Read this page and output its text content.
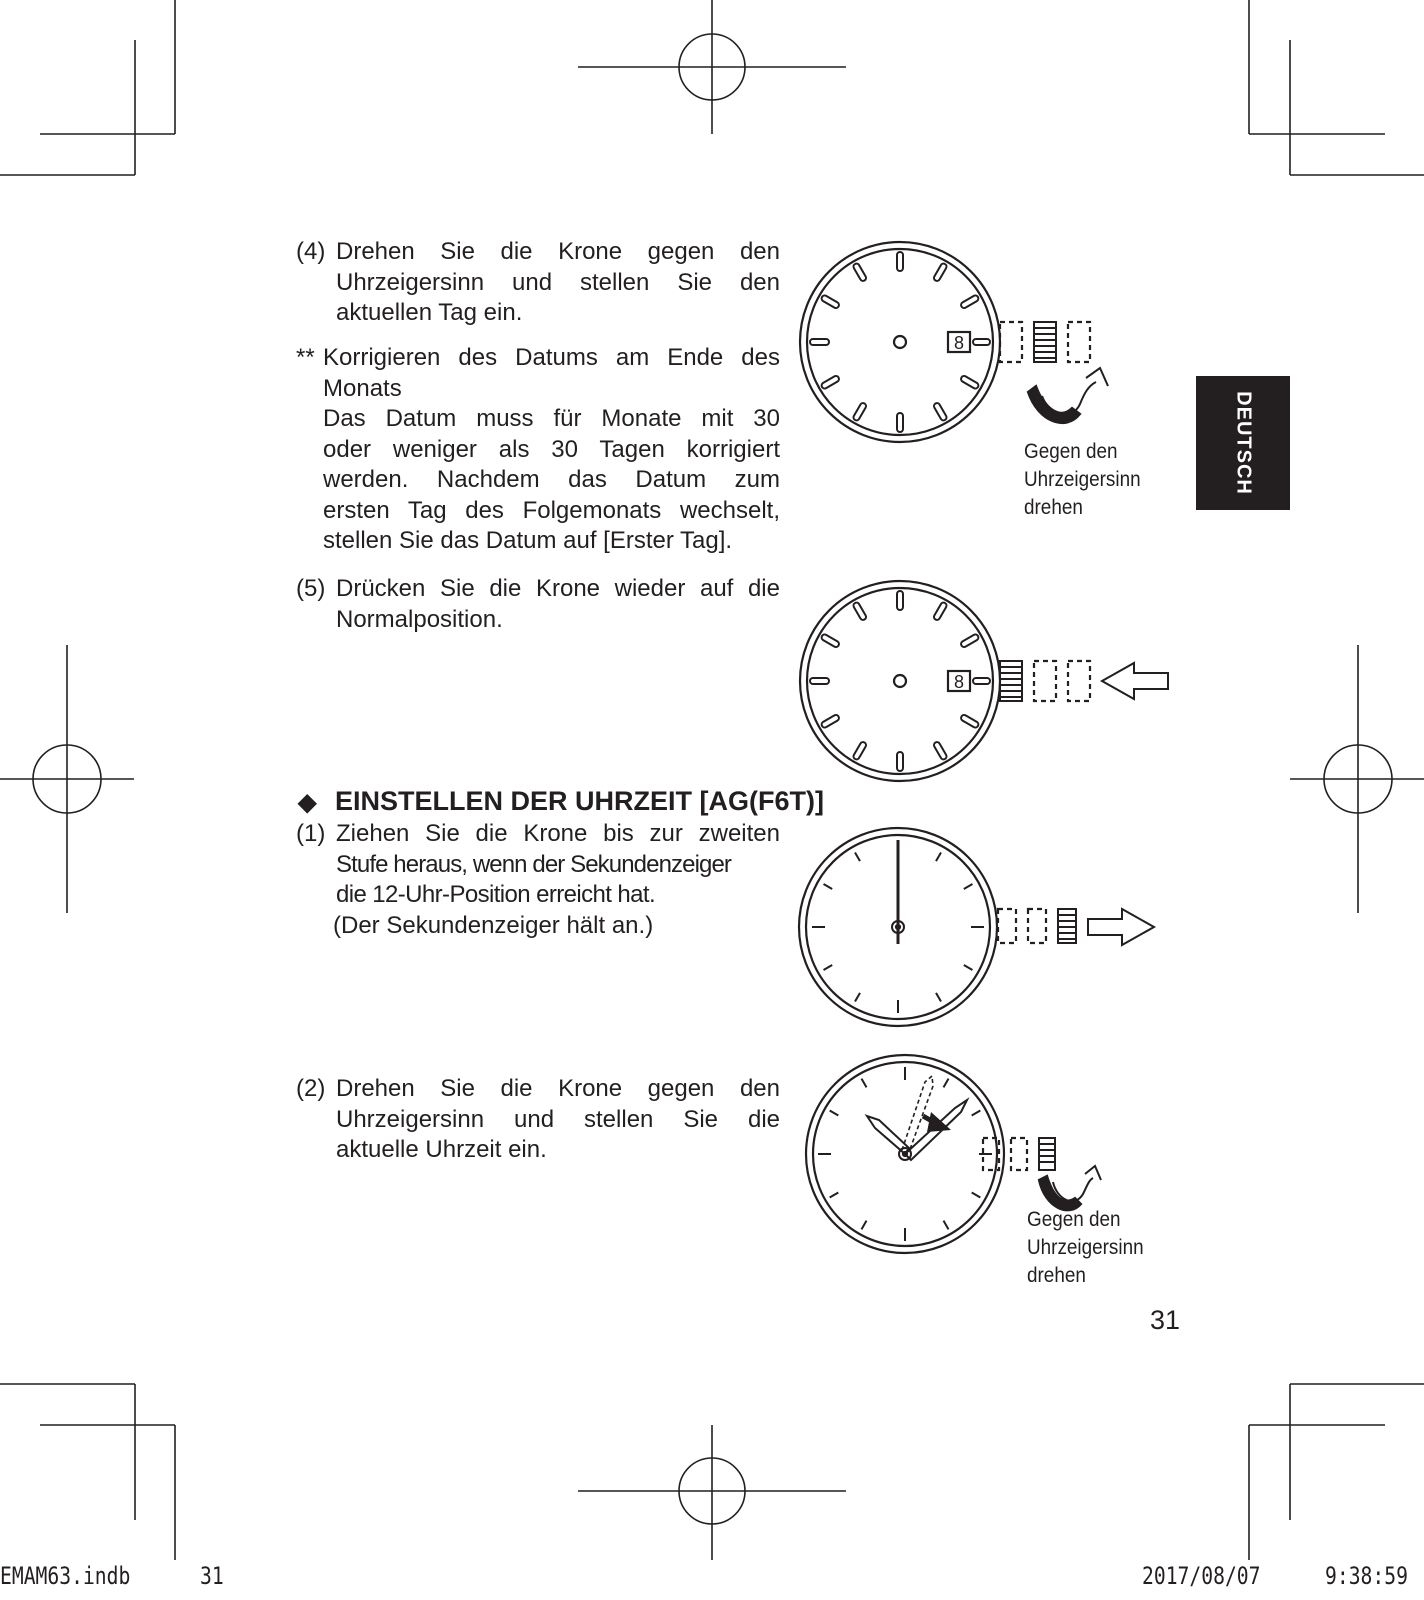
(4) Drehen Sie die Krone gegen den
Uhrzeigersinn und stellen Sie den
aktuellen Tag ein.
** Korrigieren des Datums am Ende des
Monats
Das Datum muss für Monate mit 30
oder weniger als 30 Tagen korrigiert
werden. Nachdem das Datum zum
ersten Tag des Folgemonats wechselt,
stellen Sie das Datum auf [Erster Tag].
(5) Drücken Sie die Krone wieder auf die
Normalposition.
◆ EINSTELLEN DER UHRZEIT [AG(F6T)]
(1) Ziehen Sie die Krone bis zur zweiten
Stufe heraus, wenn der Sekundenzeiger
die 12-Uhr-Position erreicht hat.
(Der Sekundenzeiger hält an.)
(2) Drehen Sie die Krone gegen den
Uhrzeigersinn und stellen Sie die
aktuelle Uhrzeit ein.
8
Gegen den
Uhrzeigersinn
drehen
8
Gegen den
Uhrzeigersinn
drehen
DEUTSCH
31
EMAM63.indb	31	2017/08/07	9:38:59
